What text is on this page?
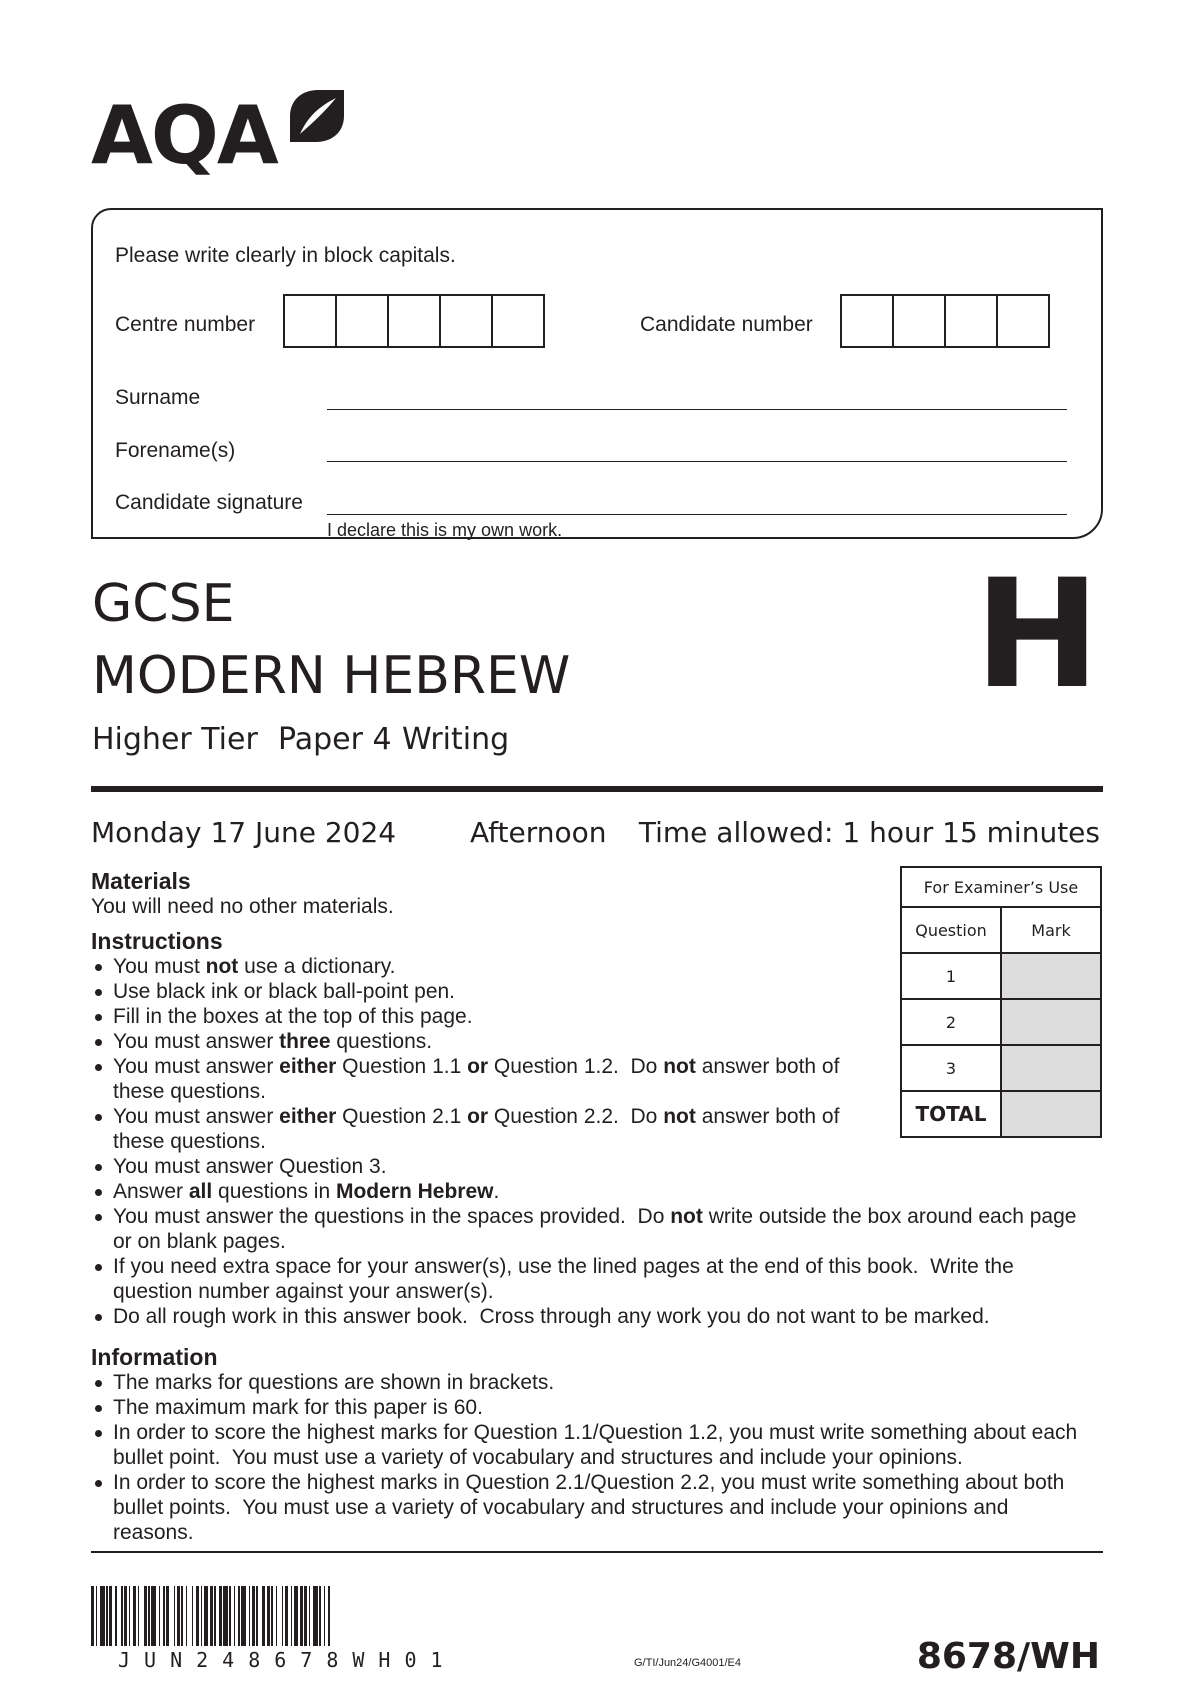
AQA
Please write clearly in block capitals.
Centre number	Candidate number
Surname
Forename(s)
Candidate signature
I declare this is my own work.
GCSE
MODERN HEBREW
Higher Tier Paper 4 Writing
H
Monday 17 June 2024	Afternoon Time allowed: 1 hour 15 minutes

Materials

You will need no other materials.

Instructions

You must not use a dictionary.
Use black ink or black ball-point pen.
Fill in the boxes at the top of this page.
You must answer three questions.
You must answer either Question 1.1 or Question 1.2.  Do not answer both of
these questions.
You must answer either Question 2.1 or Question 2.2.  Do not answer both of
these questions.
You must answer Question 3.
Answer all questions in Modern Hebrew.
You must answer the questions in the spaces provided.  Do not write outside the box around each page or on blank pages.
If you need extra space for your answer(s), use the lined pages at the end of this book.  Write the question number against your answer(s).
Do all rough work in this answer book.  Cross through any work you do not want to be marked.

Information

The marks for questions are shown in brackets.
The maximum mark for this paper is 60.
In order to score the highest marks for Question 1.1/Question 1.2, you must write something about each bullet point.  You must use a variety of vocabulary and structures and include your opinions.
In order to score the highest marks in Question 2.1/Question 2.2, you must write something about both bullet points.  You must use a variety of vocabulary and structures and include your opinions and reasons.
For Examiner’s Use	
Question	Mark
1	
2	
3	
TOTAL	
JUN248678WH01	G/TI/Jun24/G4001/E4	8678/WH
